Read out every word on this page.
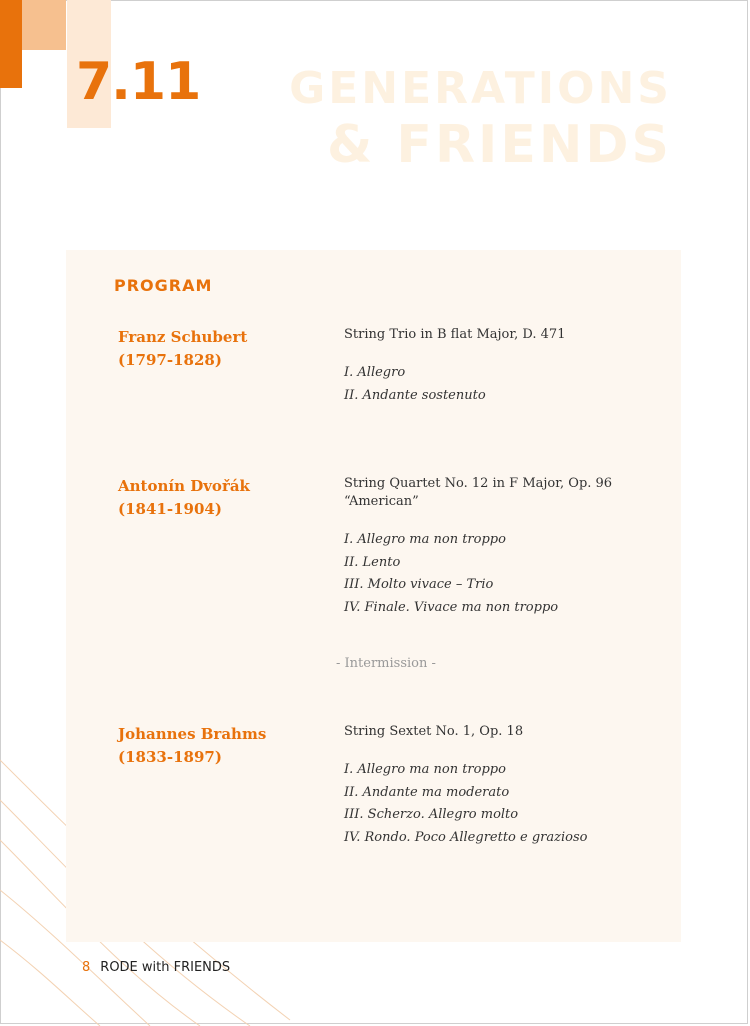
7.11 GENERATIONS
& FRIENDS
PROGRAM
Franz Schubert
(1797-1828)
String Trio in B flat Major, D. 471
I. Allegro
II. Andante sostenuto
Antonín Dvořák
(1841-1904)
String Quartet No. 12 in F Major, Op. 96 “American”
I. Allegro ma non troppo
II. Lento
III. Molto vivace – Trio
IV. Finale. Vivace ma non troppo
- Intermission -
Johannes Brahms
(1833-1897)
String Sextet No. 1, Op. 18
I. Allegro ma non troppo
II. Andante ma moderato
III. Scherzo. Allegro molto
IV. Rondo. Poco Allegretto e grazioso
8 RODE with FRIENDS
